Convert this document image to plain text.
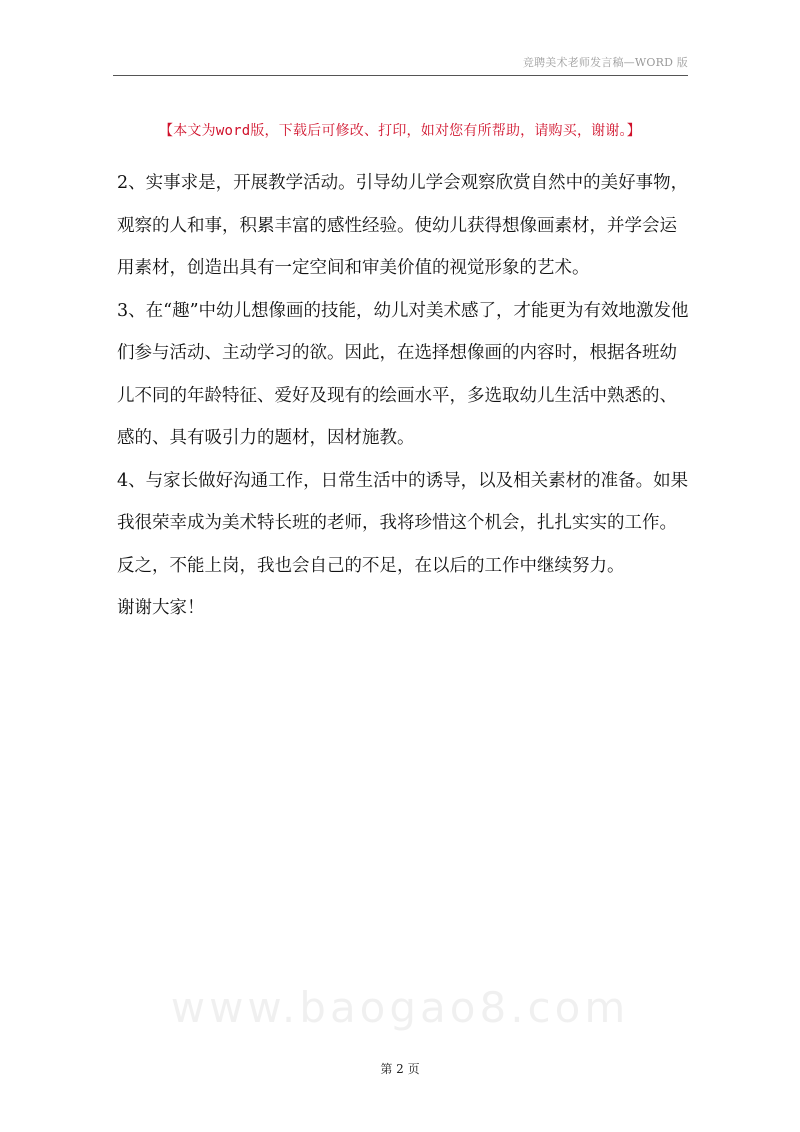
竞聘美术老师发言稿—WORD 版
【本文为word版，下载后可修改、打印，如对您有所帮助，请购买，谢谢。】

2、实事求是，开展教学活动。引导幼儿学会观察欣赏自然中的美好事物，观察的人和事，积累丰富的感性经验。使幼儿获得想像画素材，并学会运用素材，创造出具有一定空间和审美价值的视觉形象的艺术。

3、在“趣”中幼儿想像画的技能，幼儿对美术感了，才能更为有效地激发他们参与活动、主动学习的欲。因此，在选择想像画的内容时，根据各班幼儿不同的年龄特征、爱好及现有的绘画水平，多选取幼儿生活中熟悉的、感的、具有吸引力的题材，因材施教。

4、与家长做好沟通工作，日常生活中的诱导，以及相关素材的准备。如果我很荣幸成为美术特长班的老师，我将珍惜这个机会，扎扎实实的工作。反之，不能上岗，我也会自己的不足，在以后的工作中继续努力。

谢谢大家！

www.baogao8.com
第 2 页
